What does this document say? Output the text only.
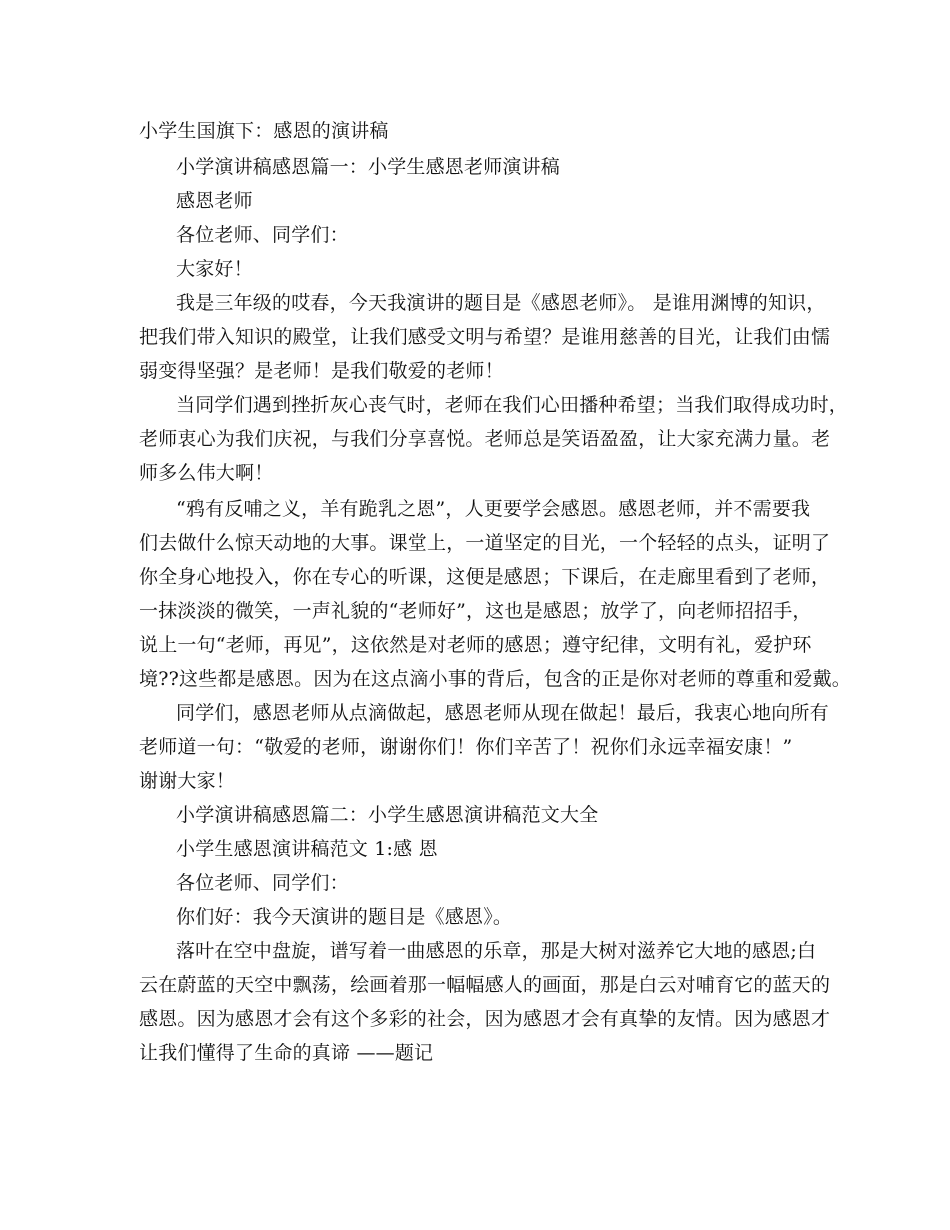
小学生国旗下：感恩的演讲稿
小学演讲稿感恩篇一：小学生感恩老师演讲稿
感恩老师
各位老师、同学们：
大家好！
我是三年级的哎春，今天我演讲的题目是《感恩老师》。 是谁用渊博的知识，
把我们带入知识的殿堂，让我们感受文明与希望？是谁用慈善的目光，让我们由懦
弱变得坚强？是老师！是我们敬爱的老师！
当同学们遇到挫折灰心丧气时，老师在我们心田播种希望；当我们取得成功时，
老师衷心为我们庆祝，与我们分享喜悦。老师总是笑语盈盈，让大家充满力量。老
师多么伟大啊！
“鸦有反哺之义，羊有跪乳之恩”，人更要学会感恩。感恩老师，并不需要我
们去做什么惊天动地的大事。课堂上，一道坚定的目光，一个轻轻的点头，证明了
你全身心地投入，你在专心的听课，这便是感恩；下课后，在走廊里看到了老师，
一抹淡淡的微笑，一声礼貌的“老师好”，这也是感恩；放学了，向老师招招手，
说上一句“老师，再见”，这依然是对老师的感恩；遵守纪律，文明有礼，爱护环
境??这些都是感恩。因为在这点滴小事的背后，包含的正是你对老师的尊重和爱戴。
同学们，感恩老师从点滴做起，感恩老师从现在做起！最后，我衷心地向所有
老师道一句：“敬爱的老师，谢谢你们！你们辛苦了！祝你们永远幸福安康！”
谢谢大家！
小学演讲稿感恩篇二：小学生感恩演讲稿范文大全
小学生感恩演讲稿范文 1:感 恩
各位老师、同学们：
你们好：我今天演讲的题目是《感恩》。
落叶在空中盘旋，谱写着一曲感恩的乐章，那是大树对滋养它大地的感恩;白
云在蔚蓝的天空中飘荡，绘画着那一幅幅感人的画面，那是白云对哺育它的蓝天的
感恩。因为感恩才会有这个多彩的社会，因为感恩才会有真挚的友情。因为感恩才
让我们懂得了生命的真谛 ——题记
